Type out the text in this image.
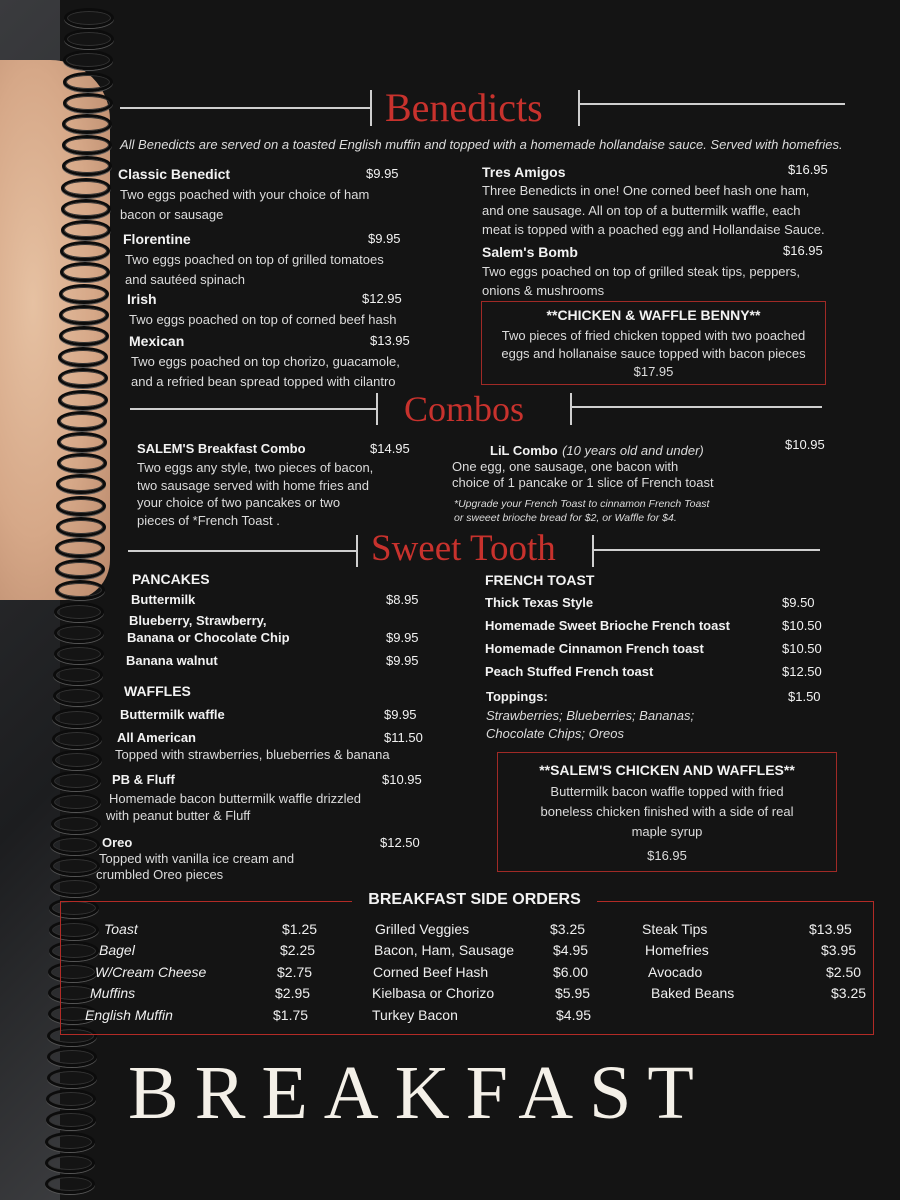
Benedicts
All Benedicts are served on a toasted English muffin and topped with a homemade hollandaise sauce. Served with homefries.
Classic Benedict	$9.95
Two eggs poached with your choice of ham
bacon or sausage
Florentine	$9.95
Two eggs poached on top of grilled tomatoes
and sautéed spinach
Irish	$12.95
Two eggs poached on top of corned beef hash
Mexican	$13.95
Two eggs poached on top chorizo, guacamole,
and a refried bean spread topped with cilantro
Tres Amigos	$16.95
Three Benedicts in one! One corned beef hash one ham,
and one sausage. All on top of a buttermilk waffle, each
meat is topped with a poached egg and Hollandaise Sauce.
Salem's Bomb	$16.95
Two eggs poached on top of grilled steak tips, peppers,
onions & mushrooms
**CHICKEN & WAFFLE BENNY**
Two pieces of fried chicken topped with two poached
eggs and hollanaise sauce topped with bacon pieces
$17.95
Combos
SALEM'S Breakfast Combo	$14.95
Two eggs any style, two pieces of bacon,
two sausage served with home fries and
your choice of two pancakes or two
pieces of *French Toast .
LiL Combo (10 years old and under)	$10.95
One egg, one sausage, one bacon with
choice of 1 pancake or 1 slice of French toast
*Upgrade your French Toast to cinnamon French Toast
or sweeet brioche bread for $2, or Waffle for $4.
Sweet Tooth
PANCAKES
Buttermilk	$8.95
Blueberry, Strawberry,
Banana or Chocolate Chip	$9.95
Banana walnut	$9.95
WAFFLES
Buttermilk waffle	$9.95
All American	$11.50
Topped with strawberries, blueberries & banana
PB & Fluff	$10.95
Homemade bacon buttermilk waffle drizzled
with peanut butter & Fluff
Oreo	$12.50
Topped with vanilla ice cream and
crumbled Oreo pieces
FRENCH TOAST
Thick Texas Style	$9.50
Homemade Sweet Brioche French toast	$10.50
Homemade Cinnamon French toast	$10.50
Peach Stuffed French toast	$12.50
Toppings:	$1.50
Strawberries; Blueberries; Bananas;
Chocolate Chips; Oreos
**SALEM'S CHICKEN AND WAFFLES**
Buttermilk bacon waffle topped with fried
boneless chicken finished with a side of real
maple syrup
$16.95
BREAKFAST SIDE ORDERS
Toast	$1.25
Bagel	$2.25
W/Cream Cheese	$2.75
Muffins	$2.95
English Muffin	$1.75
Grilled Veggies	$3.25
Bacon, Ham, Sausage	$4.95
Corned Beef Hash	$6.00
Kielbasa or Chorizo	$5.95
Turkey Bacon	$4.95
Steak Tips	$13.95
Homefries	$3.95
Avocado	$2.50
Baked Beans	$3.25
BREAKFAST
